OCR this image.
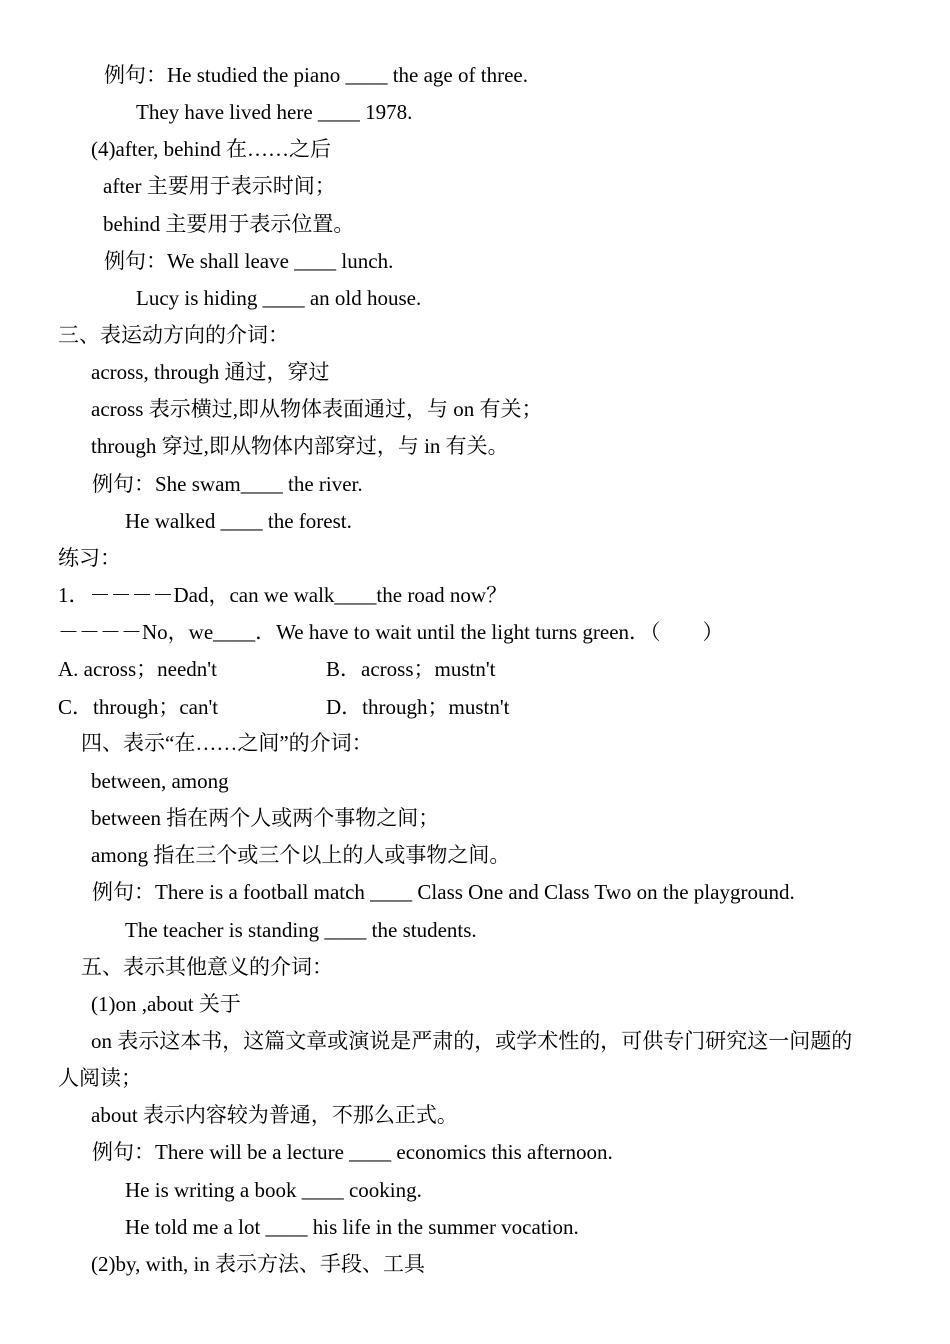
例句：He studied the piano ____ the age of three.
They have lived here ____ 1978.
(4)after, behind 在……之后
after 主要用于表示时间；
behind 主要用于表示位置。
例句：We shall leave ____ lunch.
Lucy is hiding ____ an old house.
三、表运动方向的介词：
across, through 通过，穿过
across 表示横过,即从物体表面通过，与 on 有关；
through 穿过,即从物体内部穿过，与 in 有关。
例句：She swam____ the river.
He walked ____ the forest.
练习：
1．－－－－Dad，can we walk____the road now？
－－－－No，we____．We have to wait until the light turns green．（　　）
A. across；needn't	B．across；mustn't
C．through；can't	D．through；mustn't
四、表示“在……之间”的介词：
between, among
between 指在两个人或两个事物之间；
among 指在三个或三个以上的人或事物之间。
例句：There is a football match ____ Class One and Class Two on the playground.
The teacher is standing ____ the students.
五、表示其他意义的介词：
(1)on ,about 关于
on 表示这本书，这篇文章或演说是严肃的，或学术性的，可供专门研究这一问题的
人阅读；
about 表示内容较为普通，不那么正式。
例句：There will be a lecture ____ economics this afternoon.
He is writing a book ____ cooking.
He told me a lot ____ his life in the summer vocation.
(2)by, with, in 表示方法、手段、工具
